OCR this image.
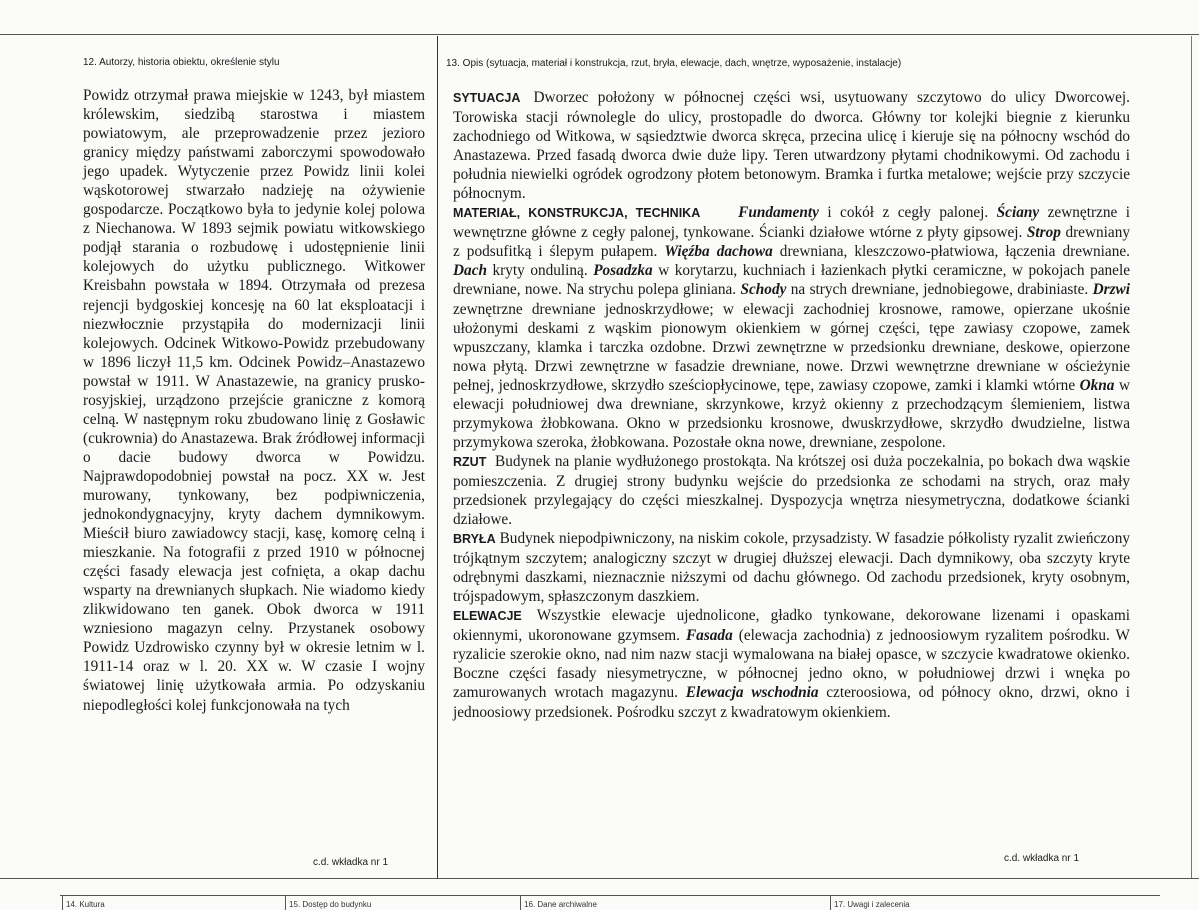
12. Autorzy, historia obiektu, określenie stylu	13. Opis (sytuacja, materiał i konstrukcja, rzut, bryła, elewacje, dach, wnętrze, wyposażenie, instalacje)
Powidz otrzymał prawa miejskie w 1243, był miastem królewskim, siedzibą starostwa i miastem powiatowym, ale przeprowadzenie przez jezioro granicy między państwami zaborczymi spowodowało jego upadek. Wytyczenie przez Powidz linii kolei wąskotorowej stwarzało nadzieję na ożywienie gospodarcze. Początkowo była to jedynie kolej polowa z Niechanowa. W 1893 sejmik powiatu witkowskiego podjął starania o rozbudowę i udostępnienie linii kolejowych do użytku publicznego. Witkower Kreisbahn powstała w 1894. Otrzymała od prezesa rejencji bydgoskiej koncesję na 60 lat eksploatacji i niezwłocznie przystąpiła do modernizacji linii kolejowych. Odcinek Witkowo-Powidz przebudowany w 1896 liczył 11,5 km. Odcinek Powidz–Anastazewo powstał w 1911. W Anastazewie, na granicy prusko-rosyjskiej, urządzono przejście graniczne z komorą celną. W następnym roku zbudowano linię z Gosławic (cukrownia) do Anastazewa. Brak źródłowej informacji o dacie budowy dworca w Powidzu. Najprawdopodobniej powstał na pocz. XX w. Jest murowany, tynkowany, bez podpiwniczenia, jednokondygnacyjny, kryty dachem dymnikowym. Mieścił biuro zawiadowcy stacji, kasę, komorę celną i mieszkanie. Na fotografii z przed 1910 w północnej części fasady elewacja jest cofnięta, a okap dachu wsparty na drewnianych słupkach. Nie wiadomo kiedy zlikwidowano ten ganek. Obok dworca w 1911 wzniesiono magazyn celny. Przystanek osobowy Powidz Uzdrowisko czynny był w okresie letnim w l. 1911-14 oraz w l. 20. XX w. W czasie I wojny światowej linię użytkowała armia. Po odzyskaniu niepodległości kolej funkcjonowała na tych

SYTUACJA Dworzec położony w północnej części wsi, usytuowany szczytowo do ulicy Dworcowej. Torowiska stacji równolegle do ulicy, prostopadle do dworca. Główny tor kolejki biegnie z kierunku zachodniego od Witkowa, w sąsiedztwie dworca skręca, przecina ulicę i kieruje się na północny wschód do Anastazewa. Przed fasadą dworca dwie duże lipy. Teren utwardzony płytami chodnikowymi. Od zachodu i południa niewielki ogródek ogrodzony płotem betonowym. Bramka i furtka metalowe; wejście przy szczycie północnym.

MATERIAŁ, KONSTRUKCJA, TECHNIKA Fundamenty i cokół z cegły palonej. Ściany zewnętrzne i wewnętrzne główne z cegły palonej, tynkowane. Ścianki działowe wtórne z płyty gipsowej. Strop drewniany z podsufitką i ślepym pułapem. Więźba dachowa drewniana, kleszczowo-płatwiowa, łączenia drewniane. Dach kryty onduliną. Posadzka w korytarzu, kuchniach i łazienkach płytki ceramiczne, w pokojach panele drewniane, nowe. Na strychu polepa gliniana. Schody na strych drewniane, jednobiegowe, drabiniaste. Drzwi zewnętrzne drewniane jednoskrzydłowe; w elewacji zachodniej krosnowe, ramowe, opierzane ukośnie ułożonymi deskami z wąskim pionowym okienkiem w górnej części, tępe zawiasy czopowe, zamek wpuszczany, klamka i tarczka ozdobne. Drzwi zewnętrzne w przedsionku drewniane, deskowe, opierzone nowa płytą. Drzwi zewnętrzne w fasadzie drewniane, nowe. Drzwi wewnętrzne drewniane w ościeżynie pełnej, jednoskrzydłowe, skrzydło sześciopłycinowe, tępe, zawiasy czopowe, zamki i klamki wtórne Okna w elewacji południowej dwa drewniane, skrzynkowe, krzyż okienny z przechodzącym ślemieniem, listwa przymykowa żłobkowana. Okno w przedsionku krosnowe, dwuskrzydłowe, skrzydło dwudzielne, listwa przymykowa szeroka, żłobkowana. Pozostałe okna nowe, drewniane, zespolone.

RZUT Budynek na planie wydłużonego prostokąta. Na krótszej osi duża poczekalnia, po bokach dwa wąskie pomieszczenia. Z drugiej strony budynku wejście do przedsionka ze schodami na strych, oraz mały przedsionek przylegający do części mieszkalnej. Dyspozycja wnętrza niesymetryczna, dodatkowe ścianki działowe.

BRYŁA Budynek niepodpiwniczony, na niskim cokole, przysadzisty. W fasadzie półkolisty ryzalit zwieńczony trójkątnym szczytem; analogiczny szczyt w drugiej dłuższej elewacji. Dach dymnikowy, oba szczyty kryte odrębnymi daszkami, nieznacznie niższymi od dachu głównego. Od zachodu przedsionek, kryty osobnym, trójspadowym, spłaszczonym daszkiem.

ELEWACJE Wszystkie elewacje ujednolicone, gładko tynkowane, dekorowane lizenami i opaskami okiennymi, ukoronowane gzymsem. Fasada (elewacja zachodnia) z jednoosiowym ryzalitem pośrodku. W ryzalicie szerokie okno, nad nim nazw stacji wymalowana na białej opasce, w szczycie kwadratowe okienko. Boczne części fasady niesymetryczne, w północnej jedno okno, w południowej drzwi i wnęka po zamurowanych wrotach magazynu. Elewacja wschodnia czteroosiowa, od północy okno, drzwi, okno i jednoosiowy przedsionek. Pośrodku szczyt z kwadratowym okienkiem.

c.d. wkładka nr 1	c.d. wkładka nr 1
14. Kultura	15. Dostęp do budynku	16. Dane archiwalne	17. Uwagi i zalecenia
